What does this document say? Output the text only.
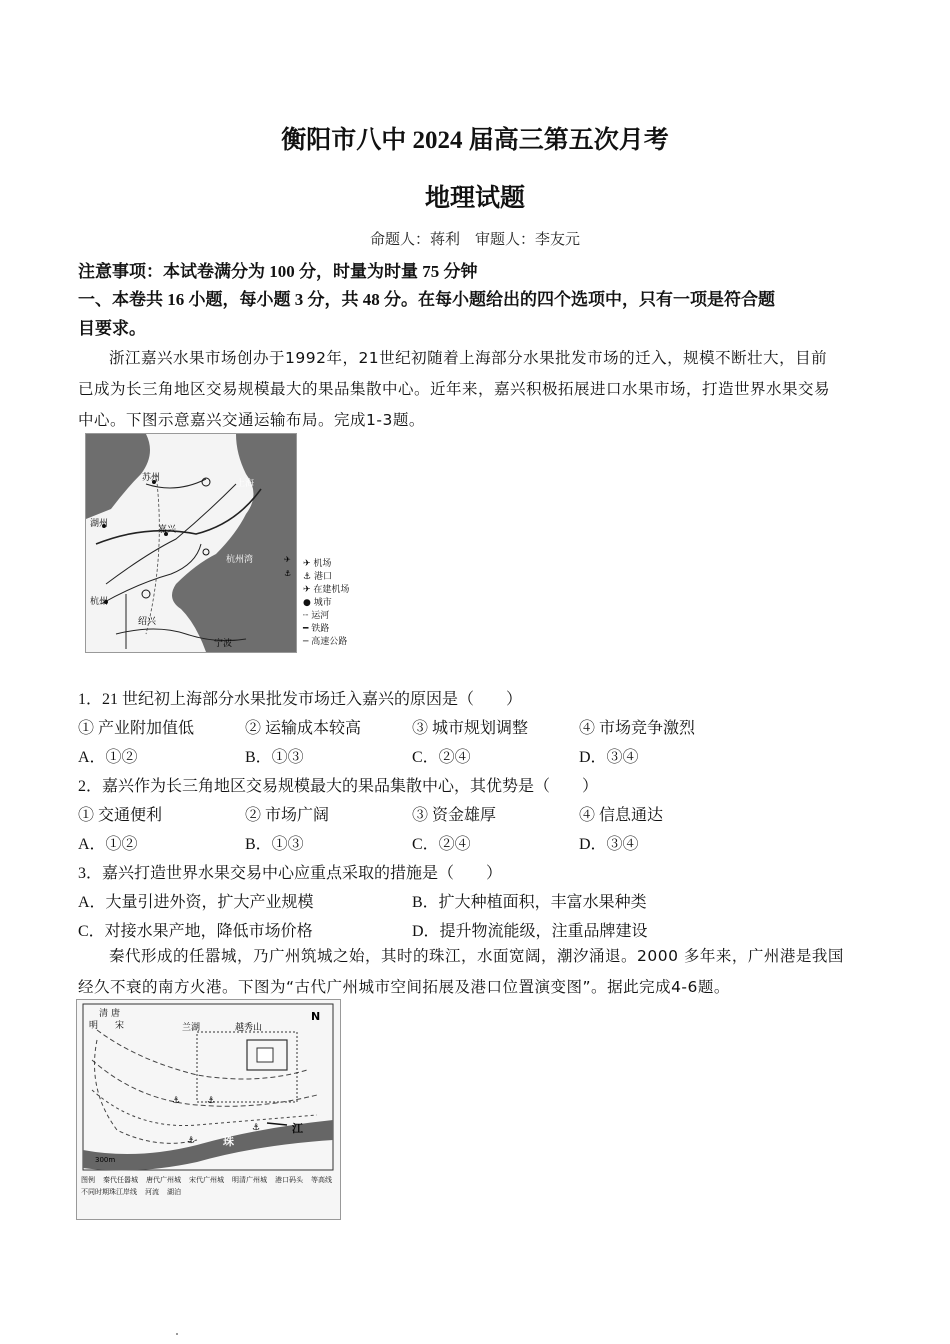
衡阳市八中 2024 届高三第五次月考
地理试题
命题人：蒋利　审题人：李友元
注意事项：本试卷满分为 100 分，时量为时量 75 分钟
一、本卷共 16 小题，每小题 3 分，共 48 分。在每小题给出的四个选项中，只有一项是符合题
目要求。
浙江嘉兴水果市场创办于1992年，21世纪初随着上海部分水果批发市场的迁入，规模不断壮大，目前
已成为长三角地区交易规模最大的果品集散中心。近年来，嘉兴积极拓展进口水果市场，打造世界水果交易
中心。下图示意嘉兴交通运输布局。完成1-3题。
苏州
上海
湖州
嘉兴
杭州湾
杭州
绍兴
宁波
✈
⚓
✈ 机场
⚓ 港口
✈ 在建机场
● 城市
┈ 运河
━ 铁路
─ 高速公路
1．21 世纪初上海部分水果批发市场迁入嘉兴的原因是（　　）
① 产业附加值低	② 运输成本较高	③ 城市规划调整	④ 市场竞争激烈
A．①②	B．①③	C．②④	D．③④
2．嘉兴作为长三角地区交易规模最大的果品集散中心，其优势是（　　）
① 交通便利	② 市场广阔	③ 资金雄厚	④ 信息通达
A．①②	B．①③	C．②④	D．③④
3．嘉兴打造世界水果交易中心应重点采取的措施是（　　）
A．大量引进外资，扩大产业规模	B．扩大种植面积，丰富水果种类
C．对接水果产地，降低市场价格	D．提升物流能级，注重品牌建设
秦代形成的任嚣城，乃广州筑城之始，其时的珠江，水面宽阔，潮汐涌退。2000 多年来，广州港是我国
经久不衰的南方火港。下图为“古代广州城市空间拓展及港口位置演变图”。据此完成4-6题。
⚓	⚓
⚓
⚓
唐
宋
明
清
兰湖	越秀山
N
江
珠
300m
图例 秦代任嚣城 唐代广州城 宋代广州城 明清广州城 港口码头 等高线
不同时期珠江岸线 河流 湖泊
